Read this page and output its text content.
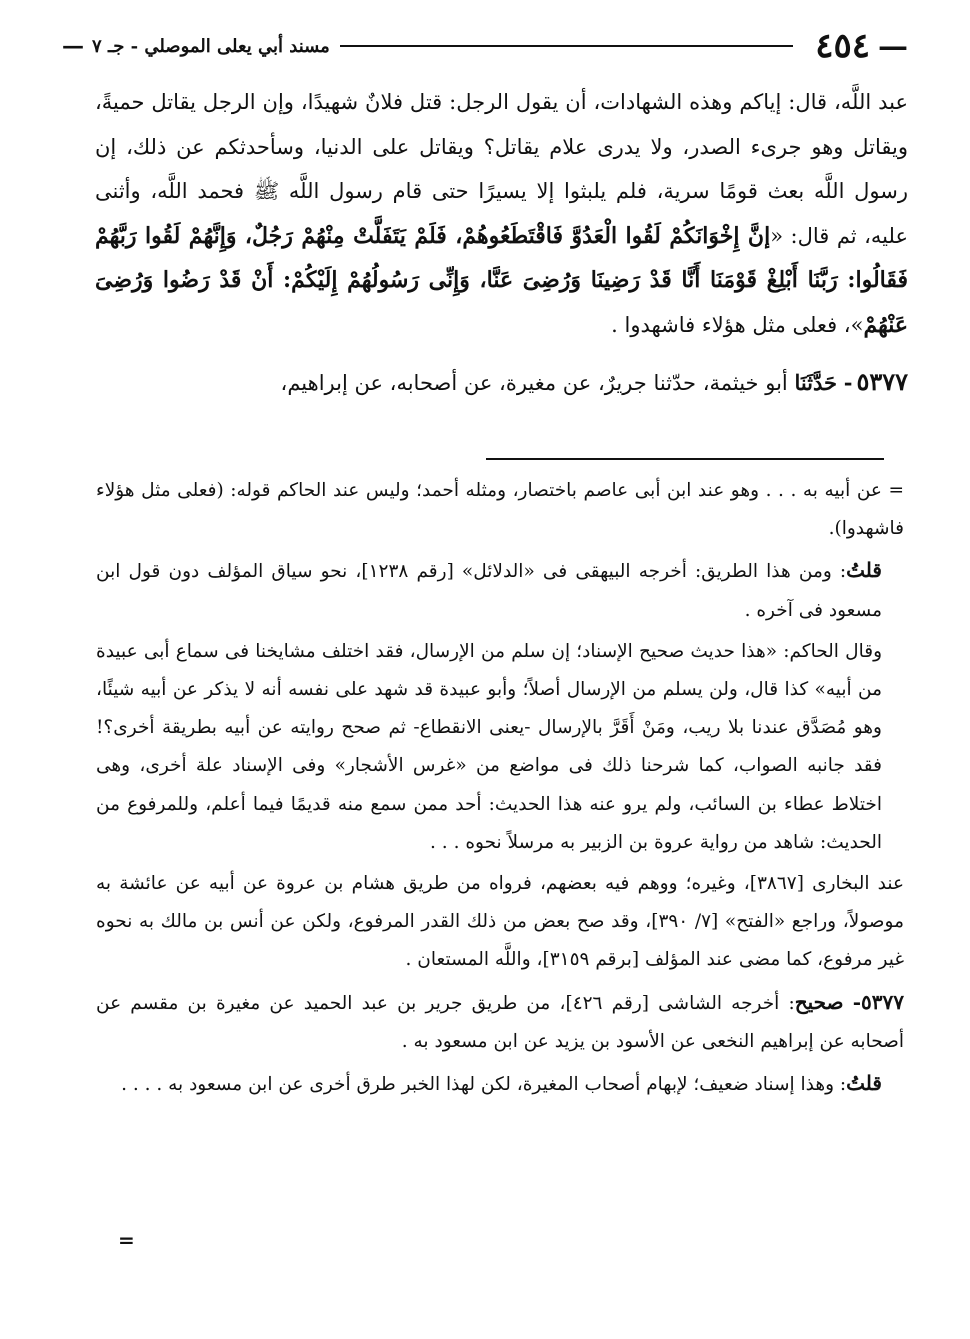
—
٤٥٤
مسند أبي يعلى الموصلي - جـ ٧
—

عبد اللَّه، قال: إياكم وهذه الشهادات، أن يقول الرجل: قتل فلانٌ شهيدًا، وإن الرجل يقاتل حميةً، ويقاتل وهو جرىء الصدر، ولا يدرى علام يقاتل؟ ويقاتل على الدنيا، وسأحدثكم عن ذلك، إن رسول اللَّه بعث قومًا سرية، فلم يلبثوا إلا يسيرًا حتى قام رسول اللَّه ﷺ فحمد اللَّه، وأثنى عليه، ثم قال: «إنَّ إِخْوَانَكُمْ لَقُوا الْعَدُوَّ فَاقْتَطَعُوهُمْ، فَلَمْ يَتَفَلَّتْ مِنْهُمْ رَجُلٌ، وَإِنَّهُمْ لَقُوا رَبَّهُمْ فَقَالُوا: رَبَّنَا أَبْلِغْ قَوْمَنَا أَنَّا قَدْ رَضِينَا وَرُضِىَ عَنَّا، وَإِنِّى رَسُولُهُمْ إِلَيْكُمْ: أَنْ قَدْ رَضُوا وَرُضِىَ عَنْهُمْ»، فعلى مثل هؤلاء فاشهدوا .

٥٣٧٧- حَدَّثَنَا أبو خيثمة، حدّثنا جريرٌ، عن مغيرة، عن أصحابه، عن إبراهيم،

= عن أبيه به . . . وهو عند ابن أبى عاصم باختصار، ومثله أحمد؛ وليس عند الحاكم قوله: (فعلى مثل هؤلاء فاشهدوا).

قلتُ: ومن هذا الطريق: أخرجه البيهقى فى «الدلائل» [رقم ١٢٣٨]، نحو سياق المؤلف دون قول ابن مسعود فى آخره .

وقال الحاكم: «هذا حديث صحيح الإسناد؛ إن سلم من الإرسال، فقد اختلف مشايخنا فى سماع أبى عبيدة من أبيه» كذا قال، ولن يسلم من الإرسال أصلاً؛ وأبو عبيدة قد شهد على نفسه أنه لا يذكر عن أبيه شيئًا، وهو مُصَدَّق عندنا بلا ريب، ومَنْ أَقَرَّ بالإرسال -يعنى الانقطاع- ثم صحح روايته عن أبيه بطريقة أخرى؟! فقد جانبه الصواب، كما شرحنا ذلك فى مواضع من «غرس الأشجار» وفى الإسناد علة أخرى، وهى اختلاط عطاء بن السائب، ولم يرو عنه هذا الحديث: أحد ممن سمع منه قديمًا فيما أعلم، وللمرفوع من الحديث: شاهد من رواية عروة بن الزبير به مرسلاً نحوه . . .

عند البخارى [٣٨٦٧]، وغيره؛ ووهم فيه بعضهم، فرواه من طريق هشام بن عروة عن أبيه عن عائشة به موصولاً، وراجع «الفتح» [٧/ ٣٩٠]، وقد صح بعض من ذلك القدر المرفوع، ولكن عن أنس بن مالك به نحوه غير مرفوع، كما مضى عند المؤلف [برقم ٣١٥٩]، واللَّه المستعان .

٥٣٧٧- صحيح: أخرجه الشاشى [رقم ٤٢٦]، من طريق جرير بن عبد الحميد عن مغيرة بن مقسم عن أصحابه عن إبراهيم النخعى عن الأسود بن يزيد عن ابن مسعود به .

قلتُ: وهذا إسناد ضعيف؛ لإبهام أصحاب المغيرة، لكن لهذا الخبر طرق أخرى عن ابن مسعود به . . . .

=
